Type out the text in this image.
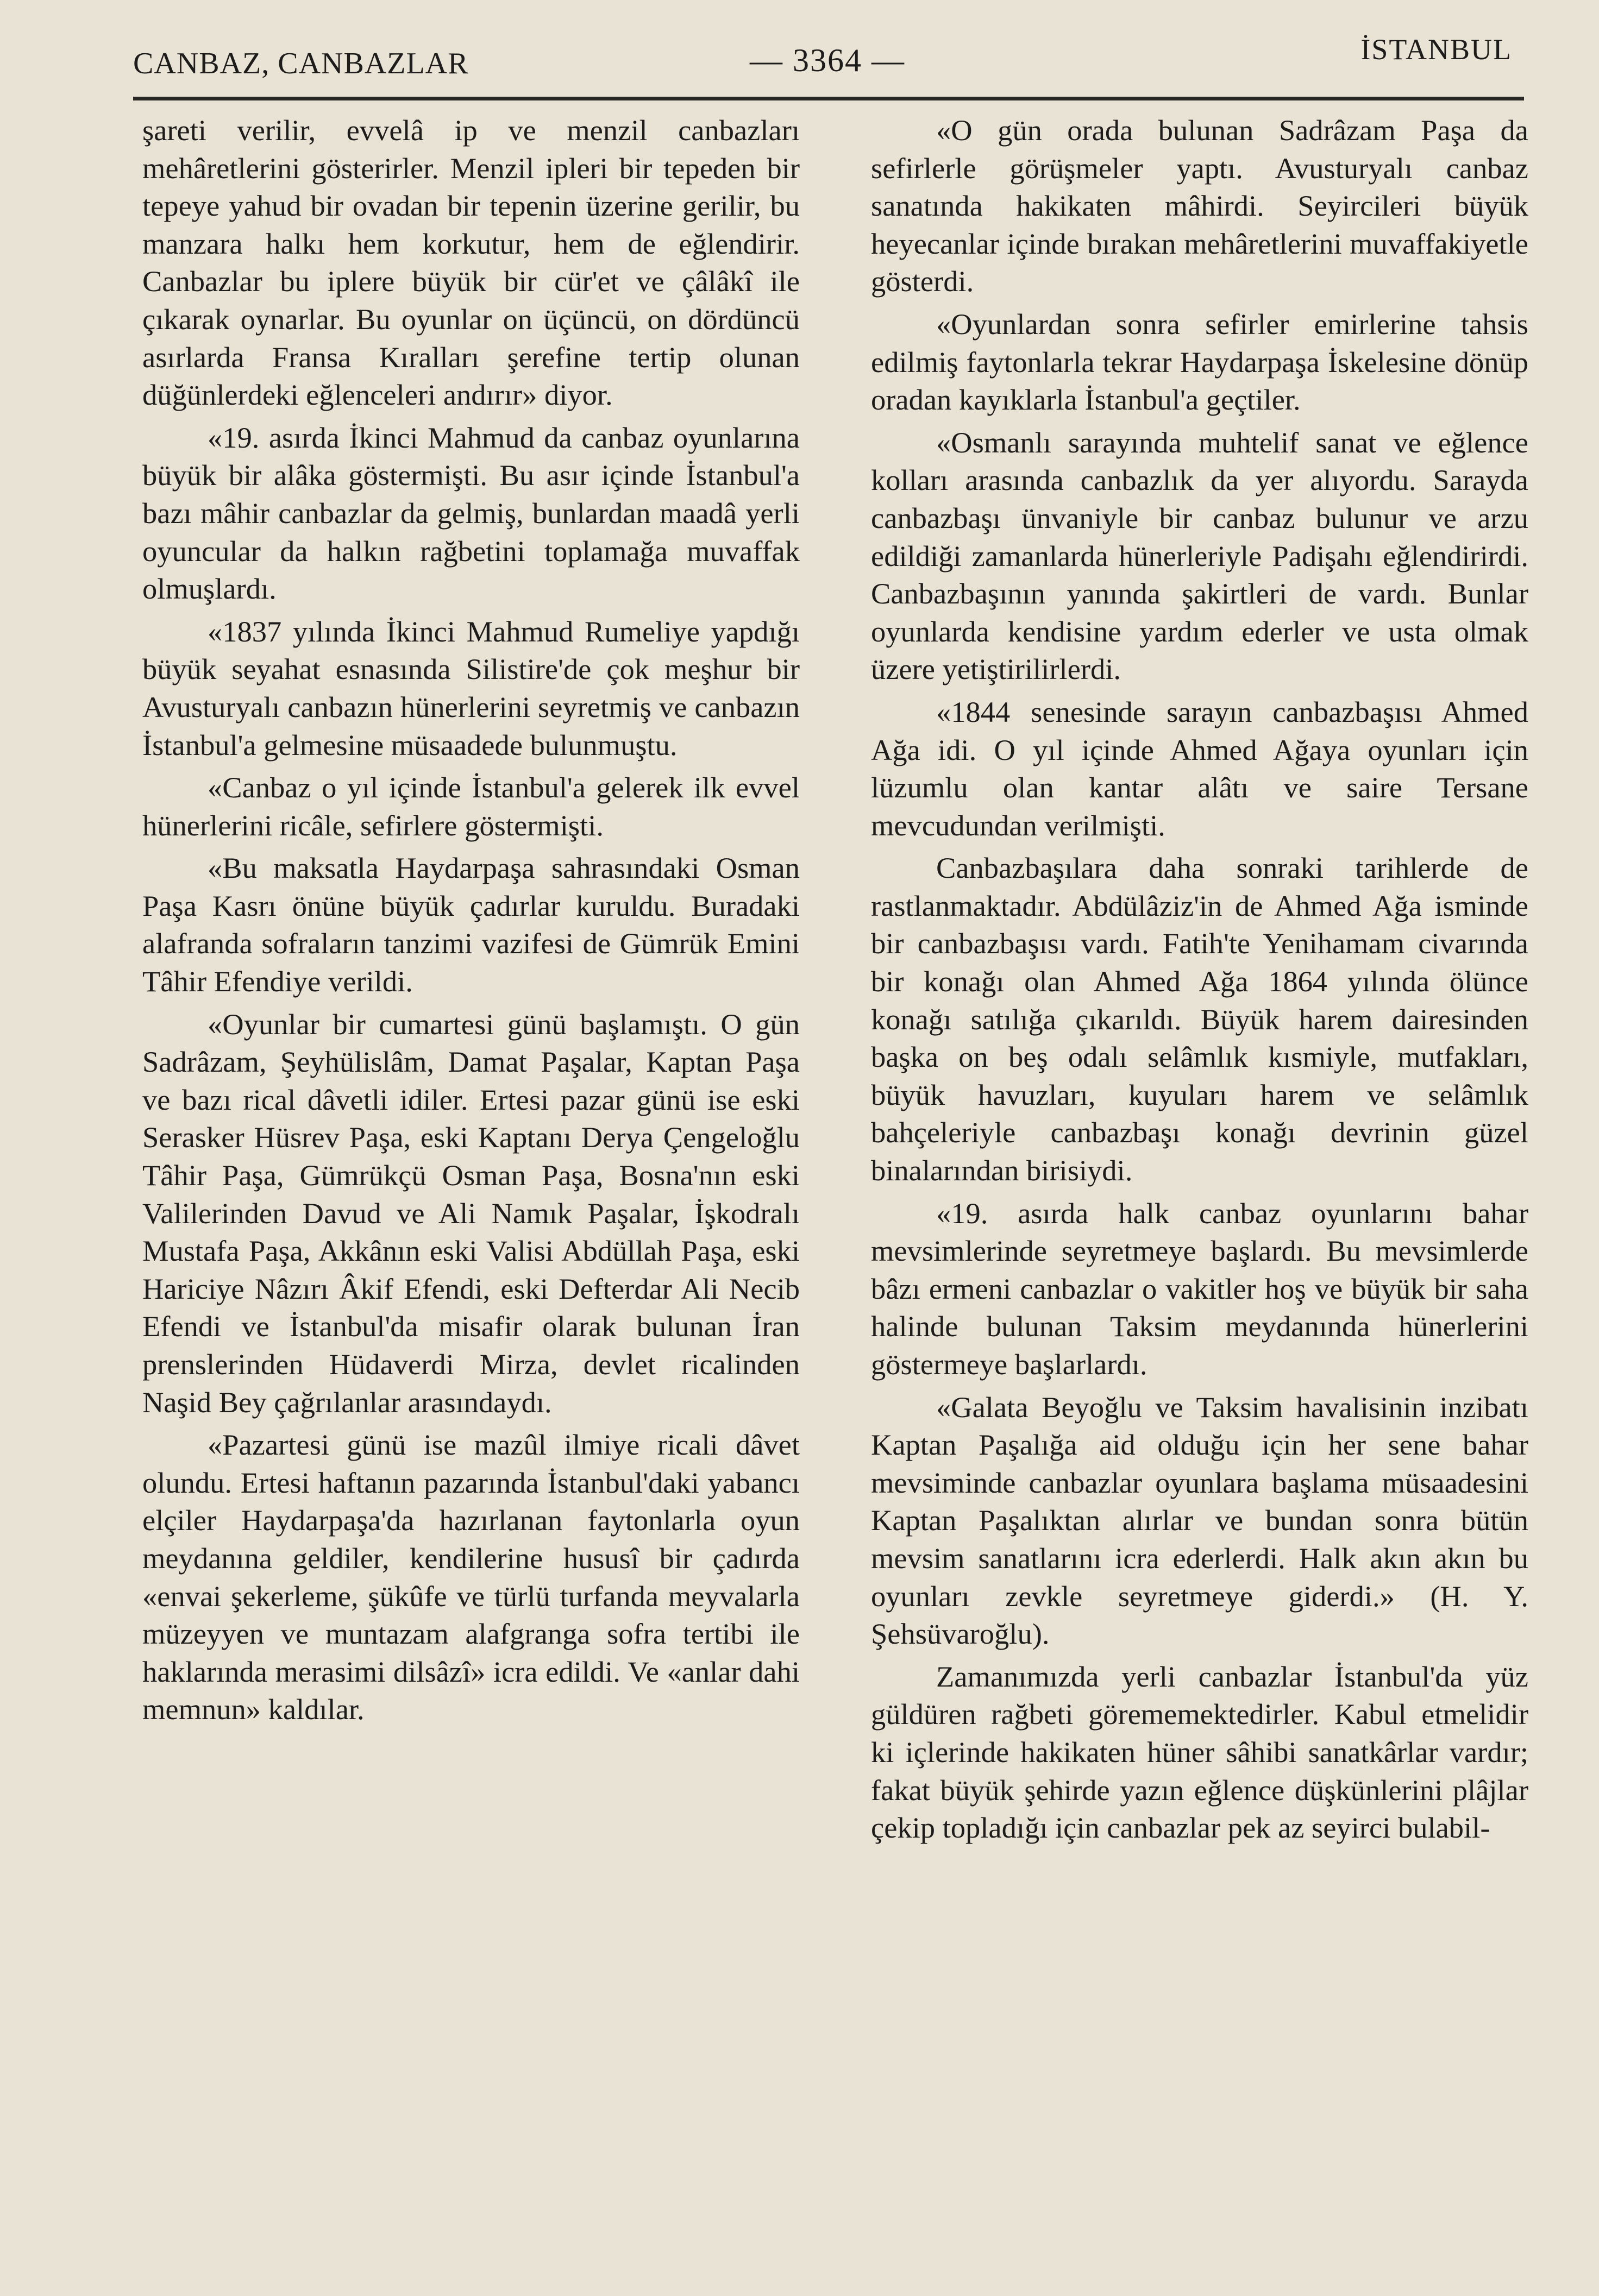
CANBAZ, CANBAZLAR	— 3364 —	İSTANBUL

şareti verilir, evvelâ ip ve menzil canbazları mehâretlerini gösterirler. Menzil ipleri bir tepeden bir tepeye yahud bir ovadan bir tepenin üzerine gerilir, bu manzara halkı hem korkutur, hem de eğlendirir. Canbazlar bu iplere büyük bir cür'et ve çâlâkî ile çıkarak oynarlar. Bu oyunlar on üçüncü, on dördüncü asırlarda Fransa Kıralları şerefine tertip olunan düğünlerdeki eğlenceleri andırır» diyor.

«19. asırda İkinci Mahmud da canbaz oyunlarına büyük bir alâka göstermişti. Bu asır içinde İstanbul'a bazı mâhir canbazlar da gelmiş, bunlardan maadâ yerli oyuncular da halkın rağbetini toplamağa muvaffak olmuşlardı.

«1837 yılında İkinci Mahmud Rumeliye yapdığı büyük seyahat esnasında Silistire'de çok meşhur bir Avusturyalı canbazın hünerlerini seyretmiş ve canbazın İstanbul'a gelmesine müsaadede bulunmuştu.

«Canbaz o yıl içinde İstanbul'a gelerek ilk evvel hünerlerini ricâle, sefirlere göstermişti.

«Bu maksatla Haydarpaşa sahrasındaki Osman Paşa Kasrı önüne büyük çadırlar kuruldu. Buradaki alafranda sofraların tanzimi vazifesi de Gümrük Emini Tâhir Efendiye verildi.

«Oyunlar bir cumartesi günü başlamıştı. O gün Sadrâzam, Şeyhülislâm, Damat Paşalar, Kaptan Paşa ve bazı rical dâvetli idiler. Ertesi pazar günü ise eski Serasker Hüsrev Paşa, eski Kaptanı Derya Çengeloğlu Tâhir Paşa, Gümrükçü Osman Paşa, Bosna'nın eski Valilerinden Davud ve Ali Namık Paşalar, İşkodralı Mustafa Paşa, Akkânın eski Valisi Abdüllah Paşa, eski Hariciye Nâzırı Âkif Efendi, eski Defterdar Ali Necib Efendi ve İstanbul'da misafir olarak bulunan İran prenslerinden Hüdaverdi Mirza, devlet ricalinden Naşid Bey çağrılanlar arasındaydı.

«Pazartesi günü ise mazûl ilmiye ricali dâvet olundu. Ertesi haftanın pazarında İstanbul'daki yabancı elçiler Haydarpaşa'da hazırlanan faytonlarla oyun meydanına geldiler, kendilerine hususî bir çadırda «envai şekerleme, şükûfe ve türlü turfanda meyvalarla müzeyyen ve muntazam alafgranga sofra tertibi ile haklarında merasimi dilsâzî» icra edildi. Ve «anlar dahi memnun» kaldılar.

«O gün orada bulunan Sadrâzam Paşa da sefirlerle görüşmeler yaptı. Avusturyalı canbaz sanatında hakikaten mâhirdi. Seyircileri büyük heyecanlar içinde bırakan mehâretlerini muvaffakiyetle gösterdi.

«Oyunlardan sonra sefirler emirlerine tahsis edilmiş faytonlarla tekrar Haydarpaşa İskelesine dönüp oradan kayıklarla İstanbul'a geçtiler.

«Osmanlı sarayında muhtelif sanat ve eğlence kolları arasında canbazlık da yer alıyordu. Sarayda canbazbaşı ünvaniyle bir canbaz bulunur ve arzu edildiği zamanlarda hünerleriyle Padişahı eğlendirirdi. Canbazbaşının yanında şakirtleri de vardı. Bunlar oyunlarda kendisine yardım ederler ve usta olmak üzere yetiştirilirlerdi.

«1844 senesinde sarayın canbazbaşısı Ahmed Ağa idi. O yıl içinde Ahmed Ağaya oyunları için lüzumlu olan kantar alâtı ve saire Tersane mevcudundan verilmişti.

Canbazbaşılara daha sonraki tarihlerde de rastlanmaktadır. Abdülâziz'in de Ahmed Ağa isminde bir canbazbaşısı vardı. Fatih'te Yenihamam civarında bir konağı olan Ahmed Ağa 1864 yılında ölünce konağı satılığa çıkarıldı. Büyük harem dairesinden başka on beş odalı selâmlık kısmiyle, mutfakları, büyük havuzları, kuyuları harem ve selâmlık bahçeleriyle canbazbaşı konağı devrinin güzel binalarından birisiydi.

«19. asırda halk canbaz oyunlarını bahar mevsimlerinde seyretmeye başlardı. Bu mevsimlerde bâzı ermeni canbazlar o vakitler hoş ve büyük bir saha halinde bulunan Taksim meydanında hünerlerini göstermeye başlarlardı.

«Galata Beyoğlu ve Taksim havalisinin inzibatı Kaptan Paşalığa aid olduğu için her sene bahar mevsiminde canbazlar oyunlara başlama müsaadesini Kaptan Paşalıktan alırlar ve bundan sonra bütün mevsim sanatlarını icra ederlerdi. Halk akın akın bu oyunları zevkle seyretmeye giderdi.» (H. Y. Şehsüvaroğlu).

Zamanımızda yerli canbazlar İstanbul'da yüz güldüren rağbeti görememektedirler. Kabul etmelidir ki içlerinde hakikaten hüner sâhibi sanatkârlar vardır; fakat büyük şehirde yazın eğlence düşkünlerini plâjlar çekip topladığı için canbazlar pek az seyirci bulabil-
